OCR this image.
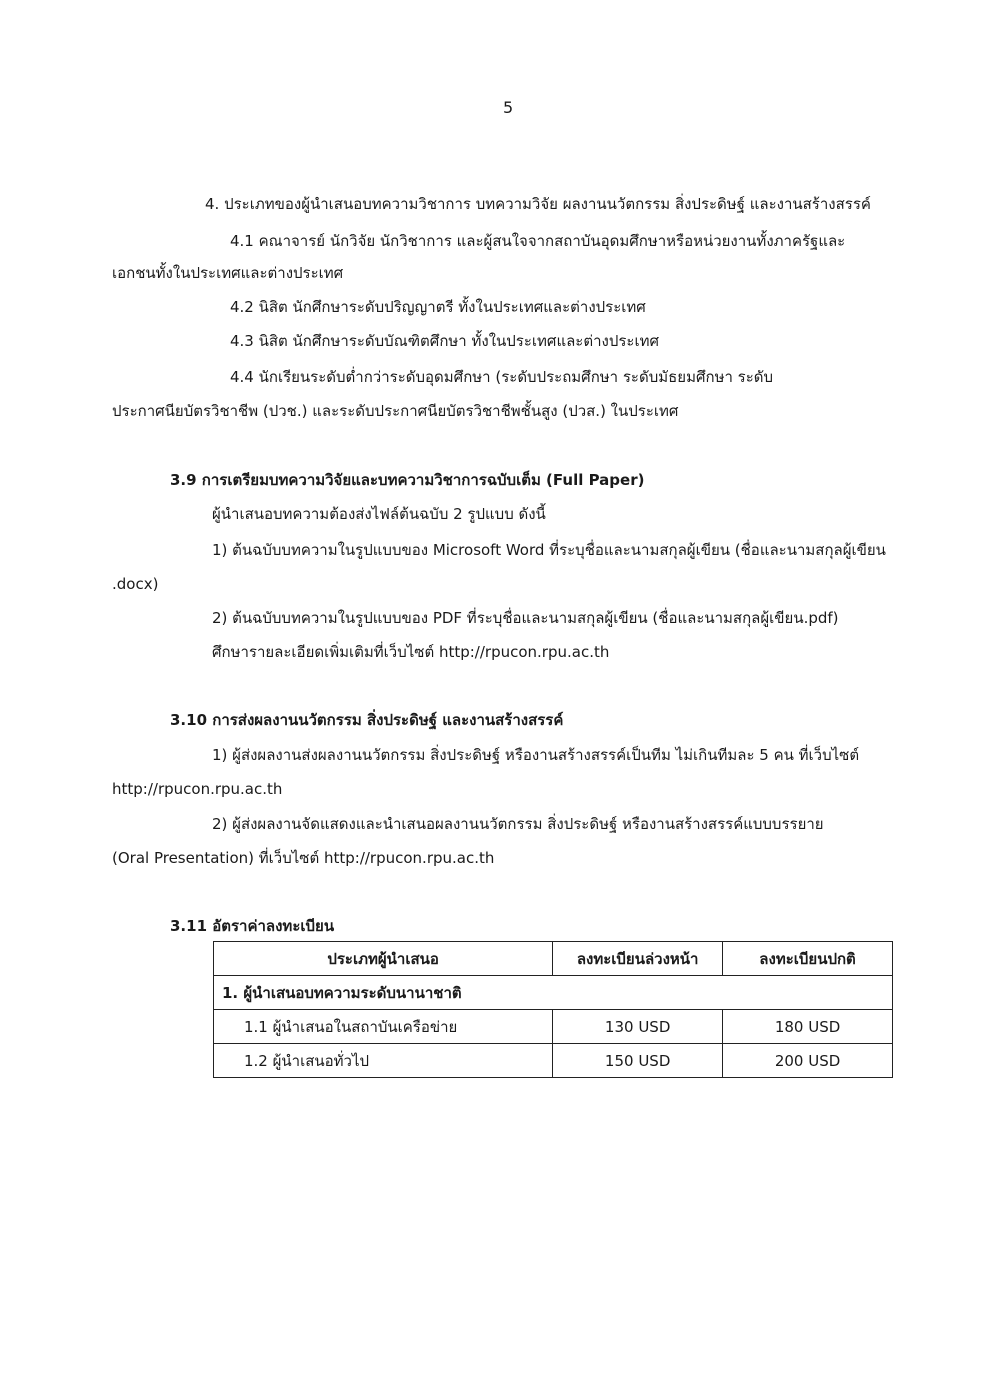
5
4. ประเภทของผู้นำเสนอบทความวิชาการ บทความวิจัย ผลงานนวัตกรรม สิ่งประดิษฐ์ และงานสร้างสรรค์
4.1 คณาจารย์ นักวิจัย นักวิชาการ และผู้สนใจจากสถาบันอุดมศึกษาหรือหน่วยงานทั้งภาครัฐและ
เอกชนทั้งในประเทศและต่างประเทศ
4.2 นิสิต นักศึกษาระดับปริญญาตรี ทั้งในประเทศและต่างประเทศ
4.3 นิสิต นักศึกษาระดับบัณฑิตศึกษา ทั้งในประเทศและต่างประเทศ
4.4 นักเรียนระดับต่ำกว่าระดับอุดมศึกษา (ระดับประถมศึกษา ระดับมัธยมศึกษา ระดับ
ประกาศนียบัตรวิชาชีพ (ปวช.) และระดับประกาศนียบัตรวิชาชีพชั้นสูง (ปวส.) ในประเทศ
3.9 การเตรียมบทความวิจัยและบทความวิชาการฉบับเต็ม (Full Paper)
ผู้นำเสนอบทความต้องส่งไฟล์ต้นฉบับ 2 รูปแบบ ดังนี้
1) ต้นฉบับบทความในรูปแบบของ Microsoft Word ที่ระบุชื่อและนามสกุลผู้เขียน (ชื่อและนามสกุลผู้เขียน
.docx)
2) ต้นฉบับบทความในรูปแบบของ PDF ที่ระบุชื่อและนามสกุลผู้เขียน (ชื่อและนามสกุลผู้เขียน.pdf)
ศึกษารายละเอียดเพิ่มเติมที่เว็บไซต์ http://rpucon.rpu.ac.th
3.10 การส่งผลงานนวัตกรรม สิ่งประดิษฐ์ และงานสร้างสรรค์
1) ผู้ส่งผลงานส่งผลงานนวัตกรรม สิ่งประดิษฐ์ หรืองานสร้างสรรค์เป็นทีม ไม่เกินทีมละ 5 คน ที่เว็บไซต์
http://rpucon.rpu.ac.th
2) ผู้ส่งผลงานจัดแสดงและนำเสนอผลงานนวัตกรรม สิ่งประดิษฐ์ หรืองานสร้างสรรค์แบบบรรยาย
(Oral Presentation) ที่เว็บไซต์ http://rpucon.rpu.ac.th
3.11 อัตราค่าลงทะเบียน
ประเภทผู้นำเสนอ	ลงทะเบียนล่วงหน้า	ลงทะเบียนปกติ
1. ผู้นำเสนอบทความระดับนานาชาติ		
1.1 ผู้นำเสนอในสถาบันเครือข่าย	130 USD	180 USD
1.2 ผู้นำเสนอทั่วไป	150 USD	200 USD
